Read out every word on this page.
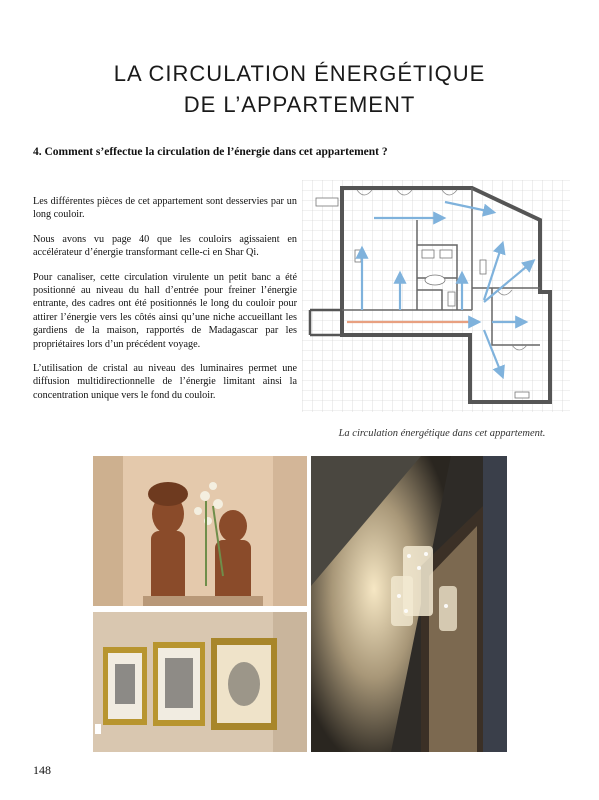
LA CIRCULATION ÉNERGÉTIQUE
DE L’APPARTEMENT
4. Comment s’effectue la circulation de l’énergie dans cet appartement ?

Les différentes pièces de cet appartement sont desservies par un long couloir.

Nous avons vu page 40 que les couloirs agissaient en accélérateur d’énergie transformant celle-ci en Shar Qi.

Pour canaliser, cette circulation virulente un petit banc a été positionné au niveau du hall d’entrée pour freiner l’énergie entrante, des cadres ont été positionnés le long du couloir pour attirer l’énergie vers les côtés ainsi qu’une niche accueillant les gardiens de la maison, rapportés de Madagascar par les propriétaires lors d’un précédent voyage.

L’utilisation de cristal au niveau des luminaires permet une diffusion multidirectionnelle de l’énergie limitant ainsi la concentration unique vers le fond du couloir.

La circulation énergétique dans cet appartement.
148
